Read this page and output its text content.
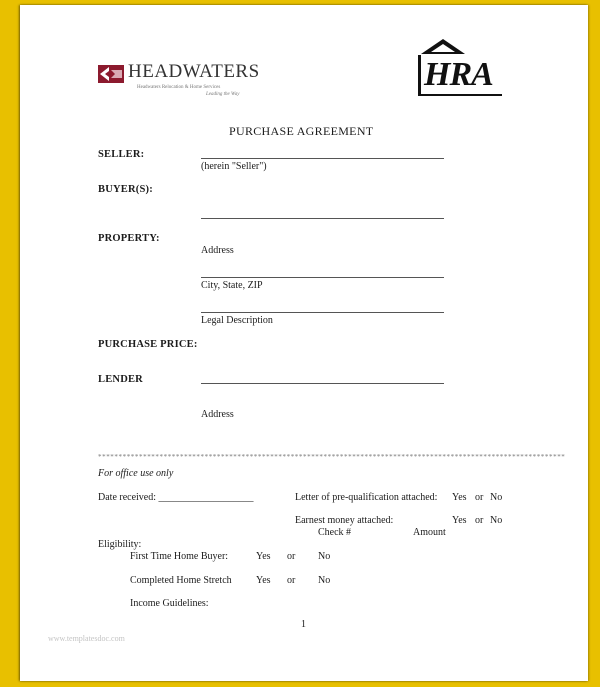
HEADWATERS
Headwaters Relocation & Home Services
Leading the Way
HRA
PURCHASE AGREEMENT
SELLER:
(herein "Seller")
BUYER(S):
PROPERTY:
Address
City, State, ZIP
Legal Description
PURCHASE PRICE:
LENDER
Address
******************************************************************************************************************
For office use only
Date received: ___________________	Letter of pre-qualification attached: Yes or No
Earnest money attached:	Yes or No
Check #	Amount
Eligibility:
First Time Home Buyer:	Yes or No
Completed Home Stretch Yes or No
Income Guidelines:
www.templatesdoc.com
1
